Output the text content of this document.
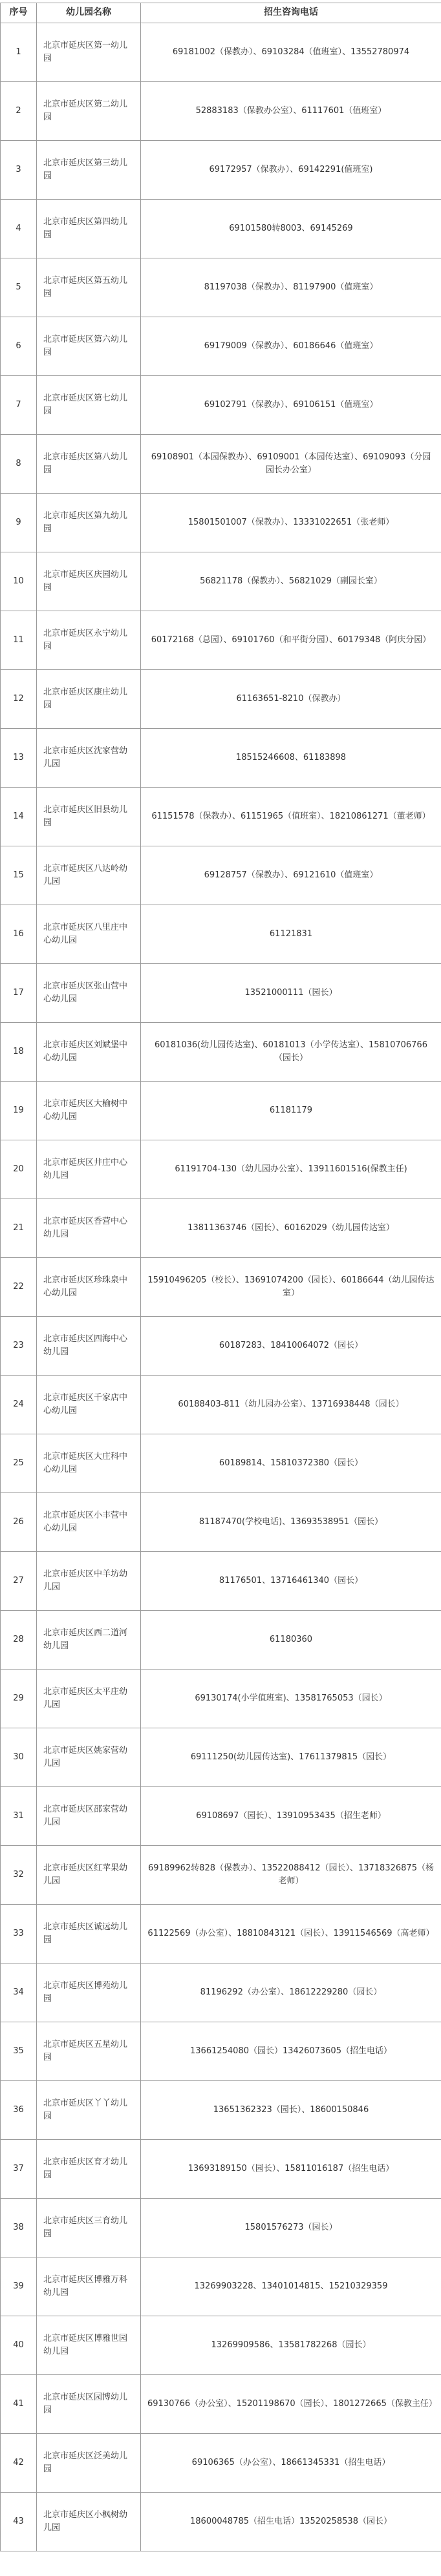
序号	幼儿园名称	招生咨询电话
1	北京市延庆区第一幼儿园	69181002（保教办）、69103284（值班室）、13552780974
2	北京市延庆区第二幼儿园	52883183（保教办公室）、61117601（值班室）
3	北京市延庆区第三幼儿园	69172957（保教办）、69142291(值班室)
4	北京市延庆区第四幼儿园	69101580转8003、69145269
5	北京市延庆区第五幼儿园	81197038（保教办）、81197900（值班室）
6	北京市延庆区第六幼儿园	69179009（保教办）、60186646（值班室）
7	北京市延庆区第七幼儿园	69102791（保教办）、69106151（值班室）
8	北京市延庆区第八幼儿园	69108901（本园保教办）、69109001（本园传达室）、69109093（分园园长办公室）
9	北京市延庆区第九幼儿园	15801501007（保教办）、13331022651（张老师）
10	北京市延庆区庆园幼儿园	56821178（保教办）、56821029（副园长室）
11	北京市延庆区永宁幼儿园	60172168（总园）、69101760（和平街分园）、60179348（阿庆分园）
12	北京市延庆区康庄幼儿园	61163651-8210（保教办）
13	北京市延庆区沈家营幼儿园	18515246608、61183898
14	北京市延庆区旧县幼儿园	61151578（保教办）、61151965（值班室）、18210861271（董老师）
15	北京市延庆区八达岭幼儿园	69128757（保教办）、69121610（值班室）
16	北京市延庆区八里庄中心幼儿园	61121831
17	北京市延庆区张山营中心幼儿园	13521000111（园长）
18	北京市延庆区刘斌堡中心幼儿园	60181036(幼儿园传达室)、60181013（小学传达室）、15810706766（园长）
19	北京市延庆区大榆树中心幼儿园	61181179
20	北京市延庆区井庄中心幼儿园	61191704-130（幼儿园办公室）、13911601516(保教主任)
21	北京市延庆区香营中心幼儿园	13811363746（园长）、60162029（幼儿园传达室）
22	北京市延庆区珍珠泉中心幼儿园	15910496205（校长）、13691074200（园长）、60186644（幼儿园传达室）
23	北京市延庆区四海中心幼儿园	60187283、18410064072（园长）
24	北京市延庆区千家店中心幼儿园	60188403-811（幼儿园办公室）、13716938448（园长）
25	北京市延庆区大庄科中心幼儿园	60189814、15810372380（园长）
26	北京市延庆区小丰营中心幼儿园	81187470(学校电话)、13693538951（园长）
27	北京市延庆区中羊坊幼儿园	81176501、13716461340（园长）
28	北京市延庆区西二道河幼儿园	61180360
29	北京市延庆区太平庄幼儿园	69130174(小学值班室)、13581765053（园长）
30	北京市延庆区姚家营幼儿园	69111250(幼儿园传达室)、17611379815（园长）
31	北京市延庆区邵家营幼儿园	69108697（园长）、13910953435（招生老师）
32	北京市延庆区红苹果幼儿园	69189962转828（保教办）、13522088412（园长）、13718326875（杨老师）
33	北京市延庆区诚远幼儿园	61122569（办公室）、18810843121（园长）、13911546569（高老师）
34	北京市延庆区博苑幼儿园	81196292（办公室）、18612229280（园长）
35	北京市延庆区五星幼儿园	13661254080（园长）13426073605（招生电话）
36	北京市延庆区丫丫幼儿园	13651362323（园长）、18600150846
37	北京市延庆区育才幼儿园	13693189150（园长）、15811016187（招生电话）
38	北京市延庆区三育幼儿园	15801576273（园长）
39	北京市延庆区博雅万科幼儿园	13269903228、13401014815、15210329359
40	北京市延庆区博雅世园幼儿园	13269909586、13581782268（园长）
41	北京市延庆区园博幼儿园	69130766（办公室）、15201198670（园长）、1801272665（保教主任）
42	北京市延庆区泛美幼儿园	69106365（办公室）、18661345331（招生电话）
43	北京市延庆区小枫树幼儿园	18600048785（招生电话）13520258538（园长）
